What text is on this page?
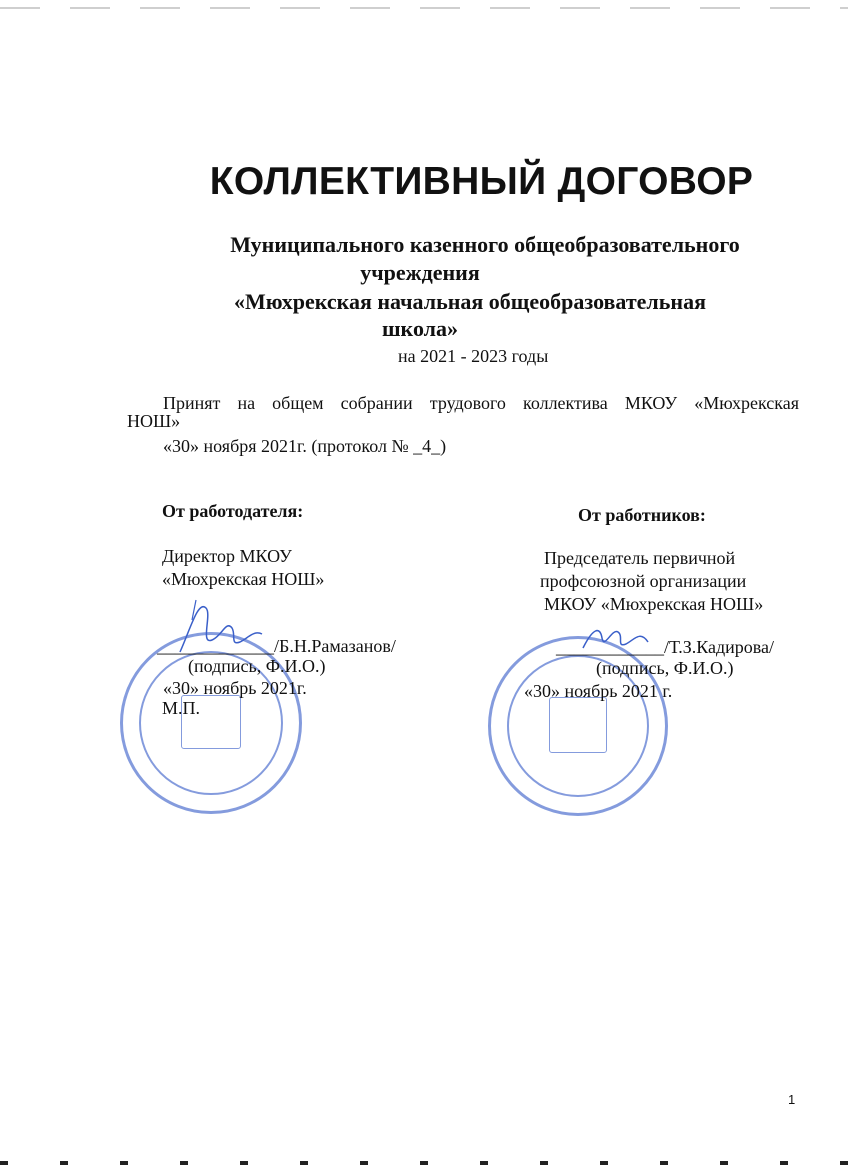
КОЛЛЕКТИВНЫЙ ДОГОВОР
Муниципального казенного общеобразовательного
учреждения
«Мюхрекская начальная общеобразовательная
школа»
на 2021 - 2023 годы
Принят на общем собрании трудового коллектива МКОУ «Мюхрекская
НОШ»
«30» ноября 2021г. (протокол № _4_)
От работодателя:
Директор МКОУ
«Мюхрекская НОШ»
_____________/Б.Н.Рамазанов/
(подпись, Ф.И.О.)
«30» ноябрь 2021г.
М.П.
От работников:
Председатель первичной
профсоюзной организации
МКОУ «Мюхрекская НОШ»
____________/Т.З.Кадирова/
(подпись, Ф.И.О.)
«30» ноябрь 2021 г.
1
